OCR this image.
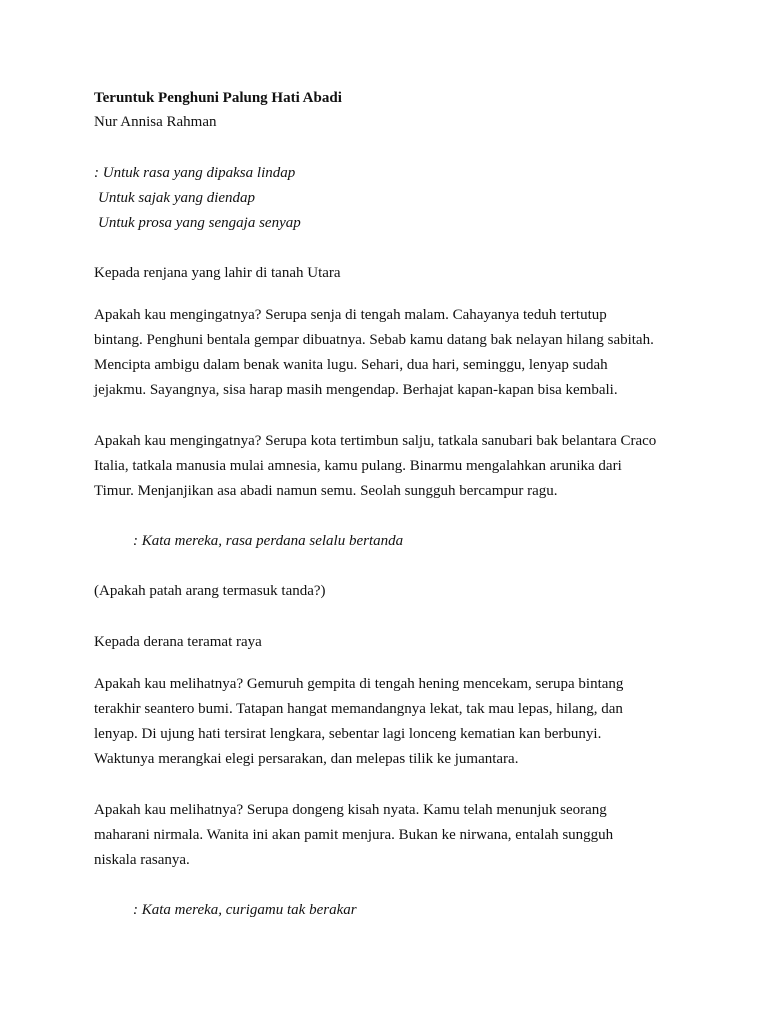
Teruntuk Penghuni Palung Hati Abadi

Nur Annisa Rahman

: Untuk rasa yang dipaksa lindap

Untuk sajak yang diendap

Untuk prosa yang sengaja senyap

Kepada renjana yang lahir di tanah Utara

Apakah kau mengingatnya? Serupa senja di tengah malam. Cahayanya teduh tertutup

bintang. Penghuni bentala gempar dibuatnya. Sebab kamu datang bak nelayan hilang sabitah.

Mencipta ambigu dalam benak wanita lugu. Sehari, dua hari, seminggu, lenyap sudah

jejakmu. Sayangnya, sisa harap masih mengendap. Berhajat kapan-kapan bisa kembali.

Apakah kau mengingatnya? Serupa kota tertimbun salju, tatkala sanubari bak belantara Craco

Italia, tatkala manusia mulai amnesia, kamu pulang. Binarmu mengalahkan arunika dari

Timur. Menjanjikan asa abadi namun semu. Seolah sungguh bercampur ragu.

: Kata mereka, rasa perdana selalu bertanda

(Apakah patah arang termasuk tanda?)

Kepada derana teramat raya

Apakah kau melihatnya? Gemuruh gempita di tengah hening mencekam, serupa bintang

terakhir seantero bumi. Tatapan hangat memandangnya lekat, tak mau lepas, hilang, dan

lenyap. Di ujung hati tersirat lengkara, sebentar lagi lonceng kematian kan berbunyi.

Waktunya merangkai elegi persarakan, dan melepas tilik ke jumantara.

Apakah kau melihatnya? Serupa dongeng kisah nyata. Kamu telah menunjuk seorang

maharani nirmala. Wanita ini akan pamit menjura. Bukan ke nirwana, entalah sungguh

niskala rasanya.

: Kata mereka, curigamu tak berakar
